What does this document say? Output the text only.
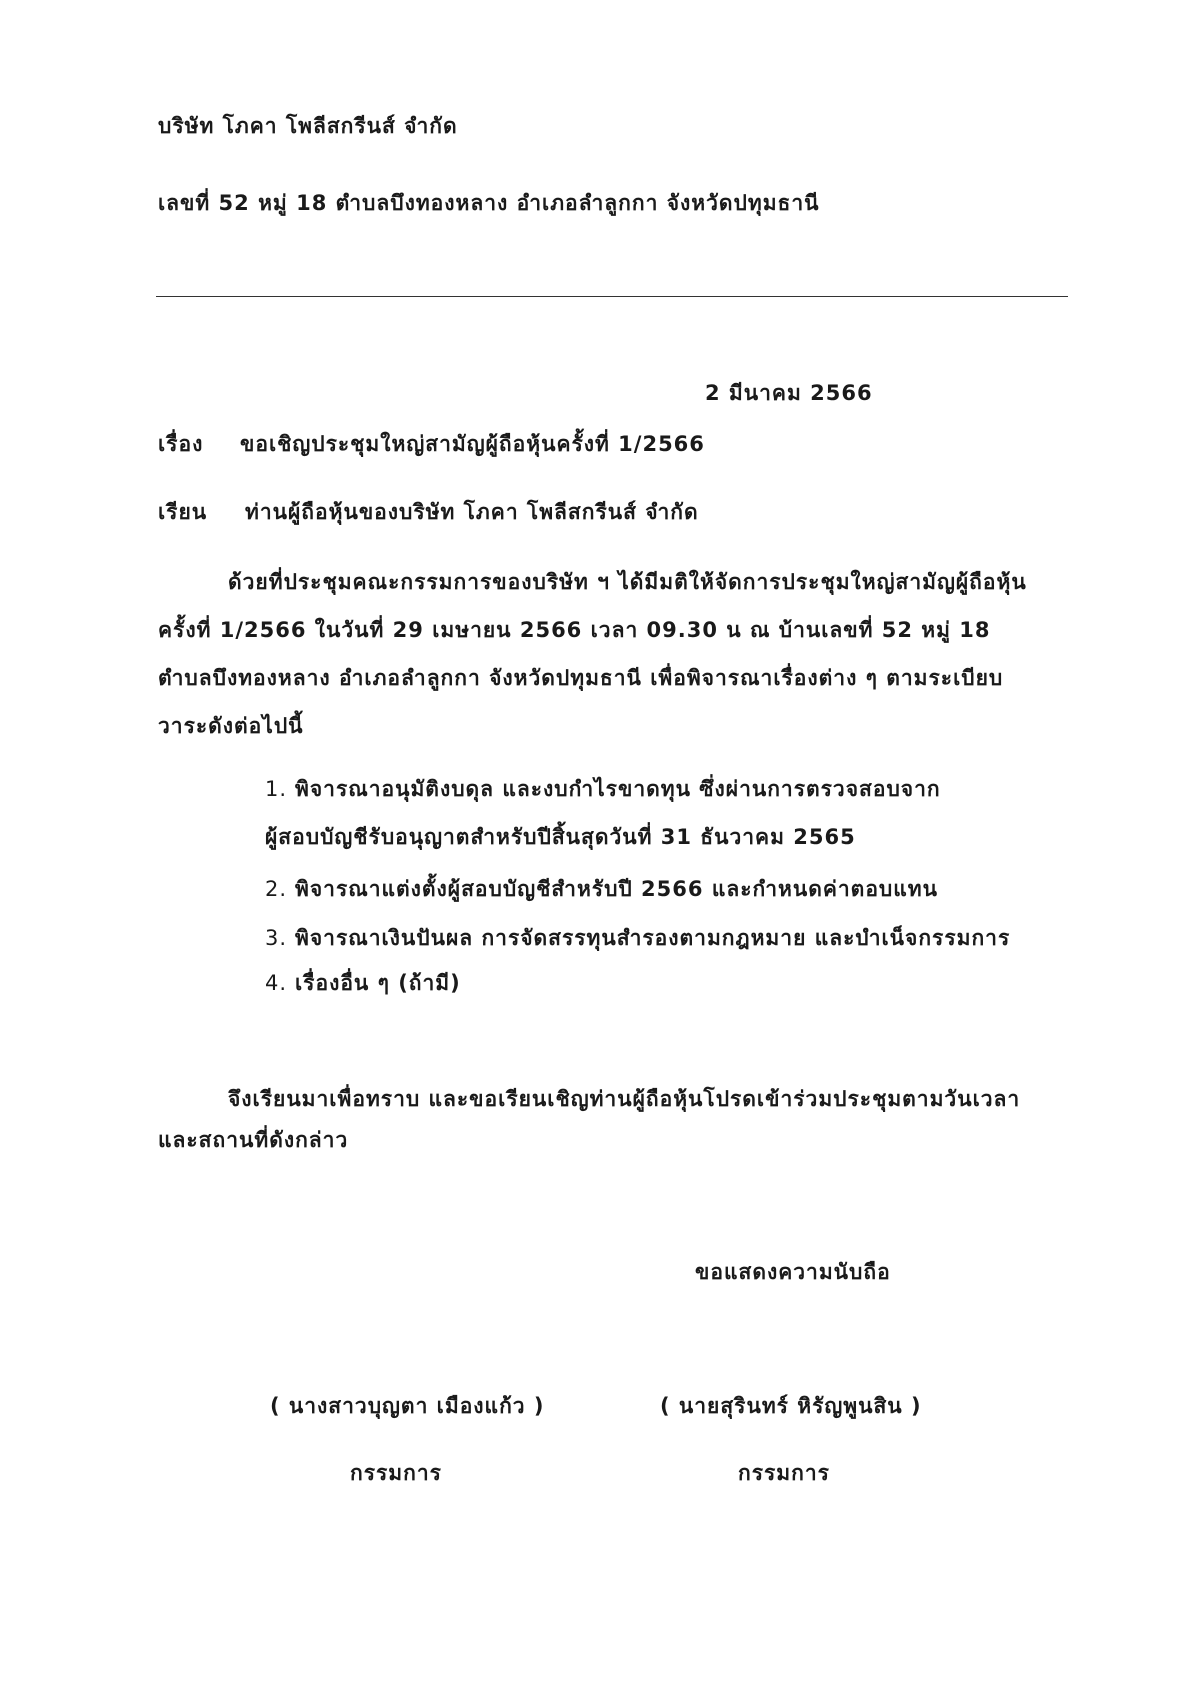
บริษัท โภคา โพลีสกรีนส์ จำกัด
เลขที่ 52 หมู่ 18 ตำบลบึงทองหลาง อำเภอลำลูกกา จังหวัดปทุมธานี
2 มีนาคม 2566
เรื่อง ขอเชิญประชุมใหญ่สามัญผู้ถือหุ้นครั้งที่ 1/2566
เรียน ท่านผู้ถือหุ้นของบริษัท โภคา โพลีสกรีนส์ จำกัด
ด้วยที่ประชุมคณะกรรมการของบริษัท ฯ ได้มีมติให้จัดการประชุมใหญ่สามัญผู้ถือหุ้น
ครั้งที่ 1/2566 ในวันที่ 29 เมษายน 2566 เวลา 09.30 น ณ บ้านเลขที่ 52 หมู่ 18
ตำบลบึงทองหลาง อำเภอลำลูกกา จังหวัดปทุมธานี เพื่อพิจารณาเรื่องต่าง ๆ ตามระเบียบ
วาระดังต่อไปนี้
1. พิจารณาอนุมัติงบดุล และงบกำไรขาดทุน ซึ่งผ่านการตรวจสอบจาก
ผู้สอบบัญชีรับอนุญาตสำหรับปีสิ้นสุดวันที่ 31 ธันวาคม 2565
2. พิจารณาแต่งตั้งผู้สอบบัญชีสำหรับปี 2566 และกำหนดค่าตอบแทน
3. พิจารณาเงินปันผล การจัดสรรทุนสำรองตามกฎหมาย และบำเน็จกรรมการ
4. เรื่องอื่น ๆ (ถ้ามี)
จึงเรียนมาเพื่อทราบ และขอเรียนเชิญท่านผู้ถือหุ้นโปรดเข้าร่วมประชุมตามวันเวลา
และสถานที่ดังกล่าว
ขอแสดงความนับถือ
( นางสาวบุญตา เมืองแก้ว )	( นายสุรินทร์ หิรัญพูนสิน )
กรรมการ	กรรมการ
